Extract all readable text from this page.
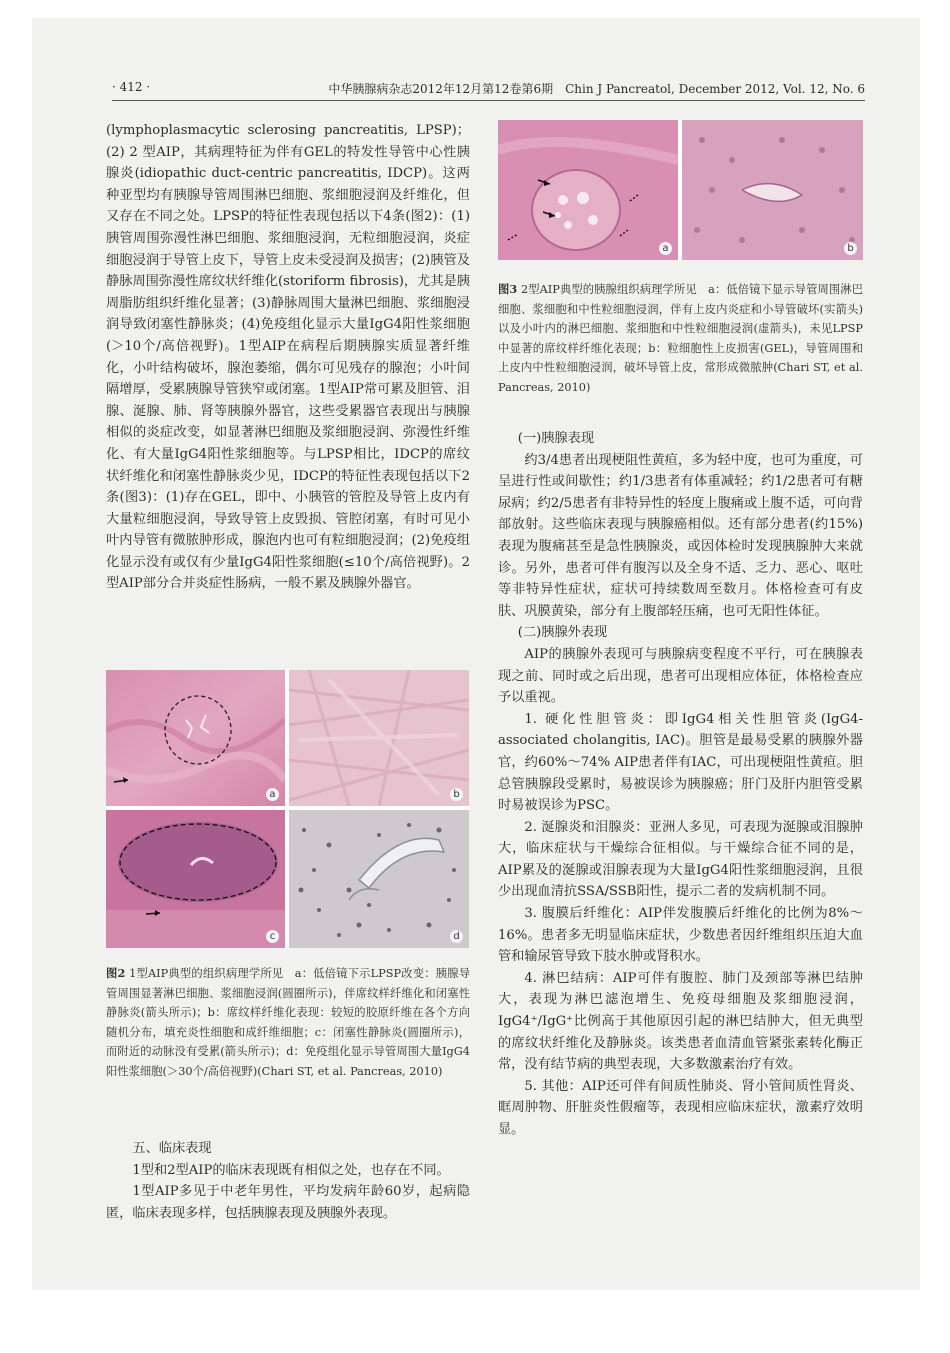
· 412 ·	中华胰腺病杂志2012年12月第12卷第6期　Chin J Pancreatol, December 2012, Vol. 12, No. 6

(lymphoplasmacytic sclerosing pancreatitis, LPSP)；(2) 2 型AIP，其病理特征为伴有GEL的特发性导管中心性胰腺炎(idiopathic duct-centric pancreatitis, IDCP)。这两种亚型均有胰腺导管周围淋巴细胞、浆细胞浸润及纤维化，但又存在不同之处。LPSP的特征性表现包括以下4条(图2)：(1)胰管周围弥漫性淋巴细胞、浆细胞浸润，无粒细胞浸润，炎症细胞浸润于导管上皮下，导管上皮未受浸润及损害；(2)胰管及静脉周围弥漫性席纹状纤维化(storiform fibrosis)，尤其是胰周脂肪组织纤维化显著；(3)静脉周围大量淋巴细胞、浆细胞浸润导致闭塞性静脉炎；(4)免疫组化显示大量IgG4阳性浆细胞(＞10个/高倍视野)。1型AIP在病程后期胰腺实质显著纤维化，小叶结构破坏，腺泡萎缩，偶尔可见残存的腺泡；小叶间隔增厚，受累胰腺导管狭窄或闭塞。1型AIP常可累及胆管、泪腺、涎腺、肺、肾等胰腺外器官，这些受累器官表现出与胰腺相似的炎症改变，如显著淋巴细胞及浆细胞浸润、弥漫性纤维化、有大量IgG4阳性浆细胞等。与LPSP相比，IDCP的席纹状纤维化和闭塞性静脉炎少见，IDCP的特征性表现包括以下2条(图3)：(1)存在GEL，即中、小胰管的管腔及导管上皮内有大量粒细胞浸润，导致导管上皮毁损、管腔闭塞，有时可见小叶内导管有微脓肿形成，腺泡内也可有粒细胞浸润；(2)免疫组化显示没有或仅有少量IgG4阳性浆细胞(≤10个/高倍视野)。2型AIP部分合并炎症性肠病，一般不累及胰腺外器官。

a	b
c	d
图2 1型AIP典型的组织病理学所见　a：低倍镜下示LPSP改变：胰腺导管周围显著淋巴细胞、浆细胞浸润(圆圈所示)，伴席纹样纤维化和闭塞性静脉炎(箭头所示)；b：席纹样纤维化表现：较短的胶原纤维在各个方向随机分布，填充炎性细胞和成纤维细胞；c：闭塞性静脉炎(圆圈所示)，而附近的动脉没有受累(箭头所示)；d：免疫组化显示导管周围大量IgG4阳性浆细胞(＞30个/高倍视野)(Chari ST, et al. Pancreas, 2010)

五、临床表现

1型和2型AIP的临床表现既有相似之处，也存在不同。

1型AIP多见于中老年男性，平均发病年龄60岁，起病隐匿，临床表现多样，包括胰腺表现及胰腺外表现。

a	b
图3 2型AIP典型的胰腺组织病理学所见　a：低倍镜下显示导管周围淋巴细胞、浆细胞和中性粒细胞浸润，伴有上皮内炎症和小导管破坏(实箭头)以及小叶内的淋巴细胞、浆细胞和中性粒细胞浸润(虚箭头)，未见LPSP中显著的席纹样纤维化表现；b：粒细胞性上皮损害(GEL)，导管周围和上皮内中性粒细胞浸润，破坏导管上皮，常形成微脓肿(Chari ST, et al. Pancreas, 2010)

(一)胰腺表现

约3/4患者出现梗阻性黄疸，多为轻中度，也可为重度，可呈进行性或间歇性；约1/3患者有体重减轻；约1/2患者可有糖尿病；约2/5患者有非特异性的轻度上腹痛或上腹不适，可向背部放射。这些临床表现与胰腺癌相似。还有部分患者(约15%)表现为腹痛甚至是急性胰腺炎，或因体检时发现胰腺肿大来就诊。另外，患者可伴有腹泻以及全身不适、乏力、恶心、呕吐等非特异性症状，症状可持续数周至数月。体格检查可有皮肤、巩膜黄染，部分有上腹部轻压痛，也可无阳性体征。

(二)胰腺外表现

AIP的胰腺外表现可与胰腺病变程度不平行，可在胰腺表现之前、同时或之后出现，患者可出现相应体征，体格检查应予以重视。

1. 硬化性胆管炎：即IgG4相关性胆管炎(IgG4-associated cholangitis, IAC)。胆管是最易受累的胰腺外器官，约60%～74% AIP患者伴有IAC，可出现梗阻性黄疸。胆总管胰腺段受累时，易被误诊为胰腺癌；肝门及肝内胆管受累时易被误诊为PSC。

2. 涎腺炎和泪腺炎：亚洲人多见，可表现为涎腺或泪腺肿大，临床症状与干燥综合征相似。与干燥综合征不同的是，AIP累及的涎腺或泪腺表现为大量IgG4阳性浆细胞浸润，且很少出现血清抗SSA/SSB阳性，提示二者的发病机制不同。

3. 腹膜后纤维化：AIP伴发腹膜后纤维化的比例为8%～16%。患者多无明显临床症状，少数患者因纤维组织压迫大血管和输尿管导致下肢水肿或肾积水。

4. 淋巴结病：AIP可伴有腹腔、肺门及颈部等淋巴结肿大，表现为淋巴滤泡增生、免疫母细胞及浆细胞浸润，IgG4⁺/IgG⁺比例高于其他原因引起的淋巴结肿大，但无典型的席纹状纤维化及静脉炎。该类患者血清血管紧张素转化酶正常，没有结节病的典型表现，大多数激素治疗有效。

5. 其他：AIP还可伴有间质性肺炎、肾小管间质性肾炎、眶周肿物、肝脏炎性假瘤等，表现相应临床症状，激素疗效明显。
